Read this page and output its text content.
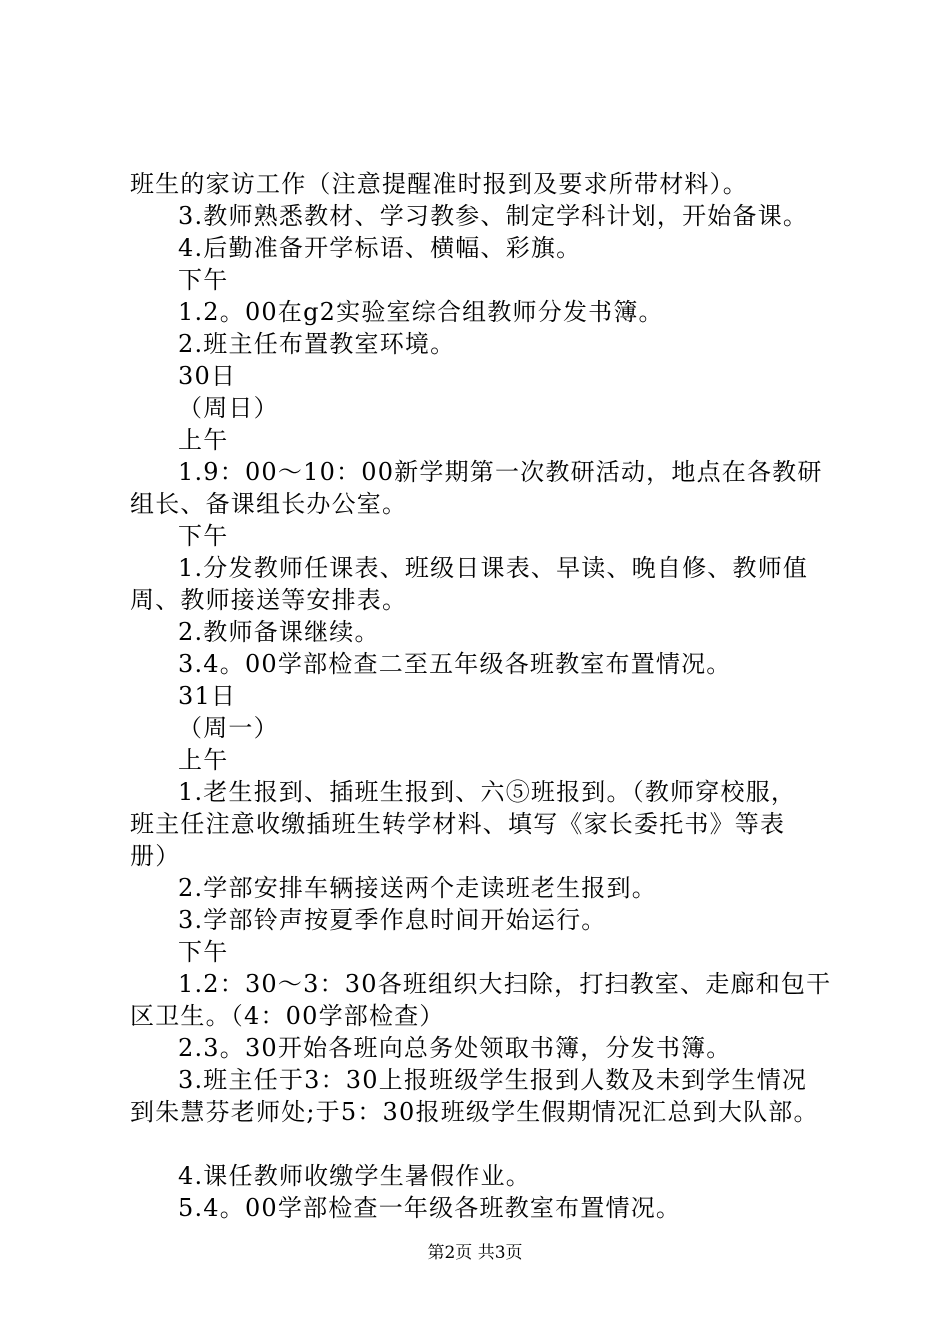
班生的家访工作（注意提醒准时报到及要求所带材料）。
3.教师熟悉教材、学习教参、制定学科计划，开始备课。
4.后勤准备开学标语、横幅、彩旗。
下午
1.2。00在g2实验室综合组教师分发书簿。
2.班主任布置教室环境。
30日
（周日）
上午
1.9：00～10：00新学期第一次教研活动，地点在各教研
组长、备课组长办公室。
下午
1.分发教师任课表、班级日课表、早读、晚自修、教师值
周、教师接送等安排表。
2.教师备课继续。
3.4。00学部检查二至五年级各班教室布置情况。
31日
（周一）
上午
1.老生报到、插班生报到、六⑤班报到。（教师穿校服，
班主任注意收缴插班生转学材料、填写《家长委托书》等表
册）
2.学部安排车辆接送两个走读班老生报到。
3.学部铃声按夏季作息时间开始运行。
下午
1.2：30～3：30各班组织大扫除，打扫教室、走廊和包干
区卫生。（4：00学部检查）
2.3。30开始各班向总务处领取书簿，分发书簿。
3.班主任于3：30上报班级学生报到人数及未到学生情况
到朱慧芬老师处;于5：30报班级学生假期情况汇总到大队部。
4.课任教师收缴学生暑假作业。
5.4。00学部检查一年级各班教室布置情况。
第2页 共3页
